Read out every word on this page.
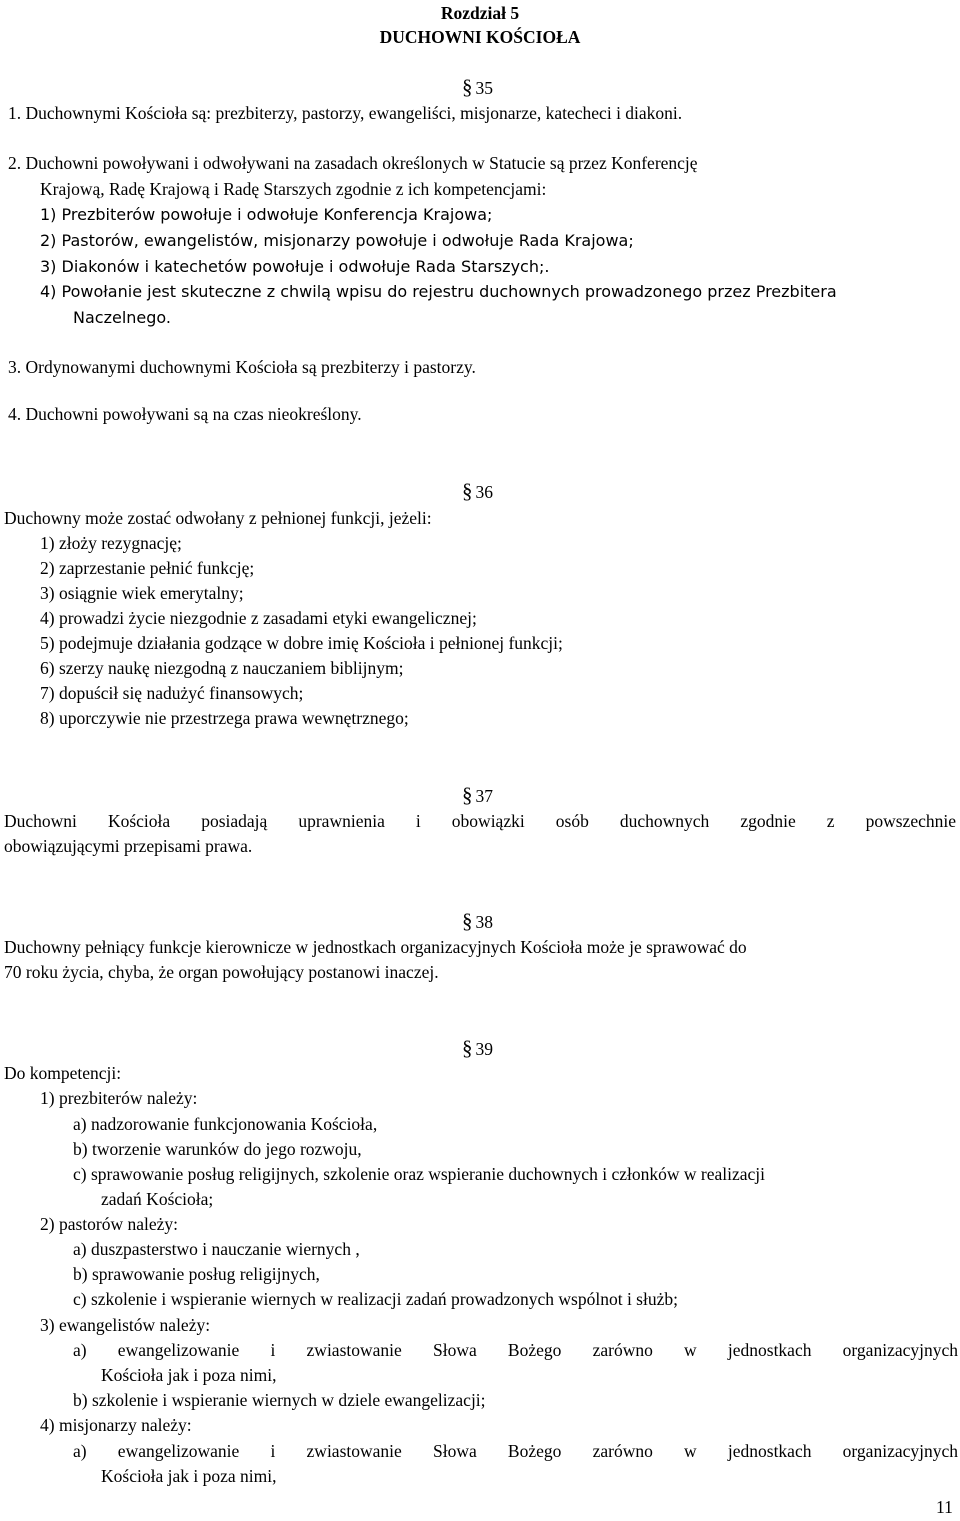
Rozdział 5
DUCHOWNI KOŚCIOŁA
§ 35
1. Duchownymi Kościoła są: prezbiterzy, pastorzy, ewangeliści, misjonarze, katecheci i diakoni.
2. Duchowni powoływani i odwoływani na zasadach określonych w Statucie są przez Konferencję
Krajową, Radę Krajową i Radę Starszych zgodnie z ich kompetencjami:
1) Prezbiterów powołuje i odwołuje Konferencja Krajowa;
2) Pastorów, ewangelistów, misjonarzy powołuje i odwołuje Rada Krajowa;
3) Diakonów i katechetów powołuje i odwołuje Rada Starszych;.
4) Powołanie jest skuteczne z chwilą wpisu do rejestru duchownych prowadzonego przez Prezbitera
Naczelnego.
3. Ordynowanymi duchownymi Kościoła są prezbiterzy i pastorzy.
4. Duchowni powoływani są na czas nieokreślony.
§ 36
Duchowny może zostać odwołany z pełnionej funkcji, jeżeli:
1) złoży rezygnację;
2) zaprzestanie pełnić funkcję;
3) osiągnie wiek emerytalny;
4) prowadzi życie niezgodnie z zasadami etyki ewangelicznej;
5) podejmuje działania godzące w dobre imię Kościoła i pełnionej funkcji;
6) szerzy naukę niezgodną z nauczaniem biblijnym;
7) dopuścił się nadużyć finansowych;
8) uporczywie nie przestrzega prawa wewnętrznego;
§ 37
Duchowni Kościoła posiadają uprawnienia i obowiązki osób duchownych zgodnie z powszechnie
obowiązującymi przepisami prawa.
§ 38
Duchowny pełniący funkcje kierownicze w jednostkach organizacyjnych Kościoła może je sprawować do
70 roku życia, chyba, że organ powołujący postanowi inaczej.
§ 39
Do kompetencji:
1) prezbiterów należy:
a) nadzorowanie funkcjonowania Kościoła,
b) tworzenie warunków do jego rozwoju,
c) sprawowanie posług religijnych, szkolenie oraz wspieranie duchownych i członków w realizacji
zadań Kościoła;
2) pastorów należy:
a) duszpasterstwo i nauczanie wiernych ,
b) sprawowanie posług religijnych,
c) szkolenie i wspieranie wiernych w realizacji zadań prowadzonych wspólnot i służb;
3) ewangelistów należy:
a) ewangelizowanie i zwiastowanie Słowa Bożego zarówno w jednostkach organizacyjnych
Kościoła jak i poza nimi,
b) szkolenie i wspieranie wiernych w dziele ewangelizacji;
4) misjonarzy należy:
a) ewangelizowanie i zwiastowanie Słowa Bożego zarówno w jednostkach organizacyjnych
Kościoła jak i poza nimi,
11
